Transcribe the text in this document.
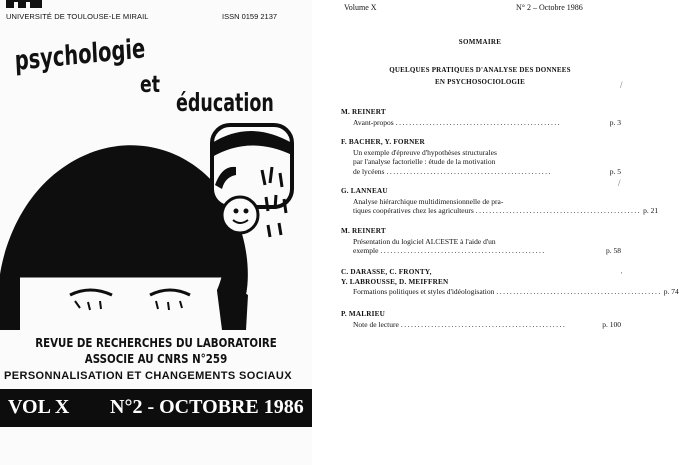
UNIVERSITÉ DE TOULOUSE-LE MIRAIL	ISSN 0159 2137
psychologie
et
éducation
REVUE DE RECHERCHES DU LABORATOIRE
ASSOCIE AU CNRS N°259
PERSONNALISATION ET CHANGEMENTS SOCIAUX
VOL X N°2 - OCTOBRE 1986
Volume X	N° 2 – Octobre 1986
SOMMAIRE
QUELQUES PRATIQUES D'ANALYSE DES DONNEES
EN PSYCHOSOCIOLOGIE
M. REINERT
Avant-propos .................................................	p. 3
F. BACHER, Y. FORNER
Un exemple d'épreuve d'hypothèses structurales
par l'analyse factorielle : étude de la motivation
de lycéens .................................................	p. 5
G. LANNEAU
Analyse hiérarchique multidimensionnelle de pra-
tiques coopératives chez les agriculteurs ................................................. p. 21
M. REINERT
Présentation du logiciel ALCESTE à l'aide d'un
exemple .................................................	p. 58
C. DARASSE, C. FRONTY,
Y. LABROUSSE, D. MEIFFREN
Formations politiques et styles d'idéologisation ................................................. p. 74
P. MALRIEU
Note de lecture .................................................	p. 100
/
/
·
